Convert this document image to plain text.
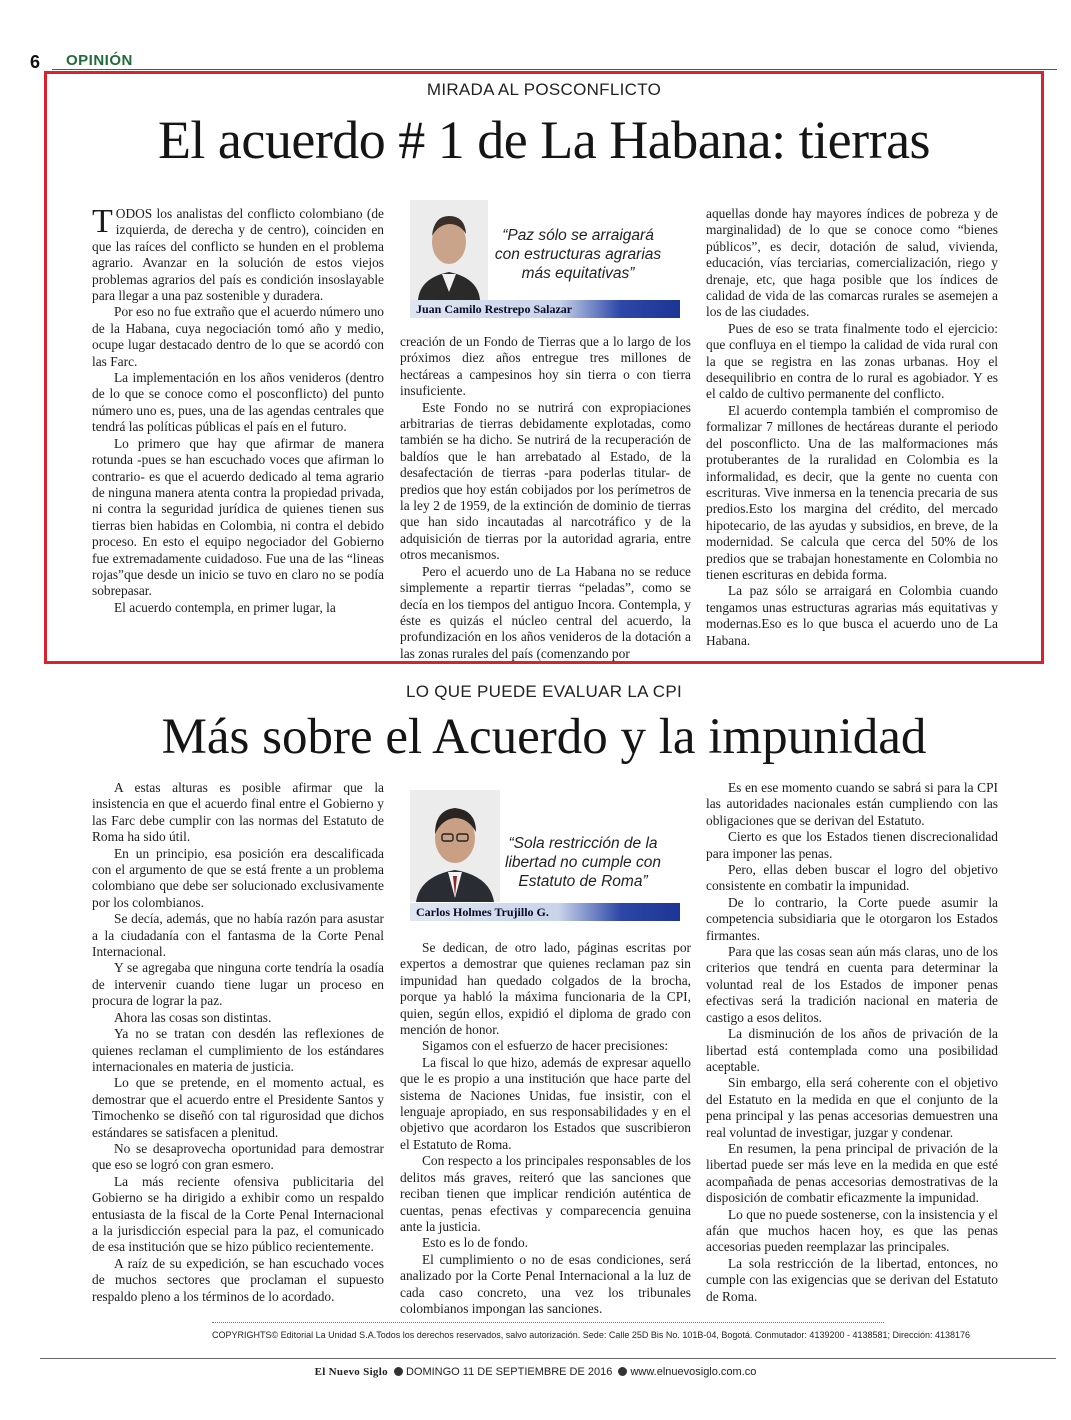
6 OPINIÓN
MIRADA AL POSCONFLICTO
El acuerdo # 1 de La Habana: tierras

TODOS los analistas del conflicto colombiano (de izquierda, de derecha y de centro), coinciden en que las raíces del conflicto se hunden en el problema agrario. Avanzar en la solución de estos viejos problemas agrarios del país es condición insoslayable para llegar a una paz sostenible y duradera.

Por eso no fue extraño que el acuerdo número uno de la Habana, cuya negociación tomó año y medio, ocupe lugar destacado dentro de lo que se acordó con las Farc.

La implementación en los años venideros (dentro de lo que se conoce como el posconflicto) del punto número uno es, pues, una de las agendas centrales que tendrá las políticas públicas el país en el futuro.

Lo primero que hay que afirmar de manera rotunda -pues se han escuchado voces que afirman lo contrario- es que el acuerdo dedicado al tema agrario de ninguna manera atenta contra la propiedad privada, ni contra la seguridad jurídica de quienes tienen sus tierras bien habidas en Colombia, ni contra el debido proceso. En esto el equipo negociador del Gobierno fue extremadamente cuidadoso. Fue una de las “lineas rojas”que desde un inicio se tuvo en claro no se podía sobrepasar.

El acuerdo contempla, en primer lugar, la

“Paz sólo se arraigará con estructuras agrarias más equitativas”
Juan Camilo Restrepo Salazar

creación de un Fondo de Tierras que a lo largo de los próximos diez años entregue tres millones de hectáreas a campesinos hoy sin tierra o con tierra insuficiente.

Este Fondo no se nutrirá con expropiaciones arbitrarias de tierras debidamente explotadas, como también se ha dicho. Se nutrirá de la recuperación de baldíos que le han arrebatado al Estado, de la desafectación de tierras -para poderlas titular- de predios que hoy están cobijados por los perímetros de la ley 2 de 1959, de la extinción de dominio de tierras que han sido incautadas al narcotráfico y de la adquisición de tierras por la autoridad agraria, entre otros mecanismos.

Pero el acuerdo uno de La Habana no se reduce simplemente a repartir tierras “peladas”, como se decía en los tiempos del antiguo Incora. Contempla, y éste es quizás el núcleo central del acuerdo, la profundización en los años venideros de la dotación a las zonas rurales del país (comenzando por

aquellas donde hay mayores índices de pobreza y de marginalidad) de lo que se conoce como “bienes públicos”, es decir, dotación de salud, vivienda, educación, vías terciarias, comercialización, riego y drenaje, etc, que haga posible que los índices de calidad de vida de las comarcas rurales se asemejen a los de las ciudades.

Pues de eso se trata finalmente todo el ejercicio: que confluya en el tiempo la calidad de vida rural con la que se registra en las zonas urbanas. Hoy el desequilibrio en contra de lo rural es agobiador. Y es el caldo de cultivo permanente del conflicto.

El acuerdo contempla también el compromiso de formalizar 7 millones de hectáreas durante el periodo del posconflicto. Una de las malformaciones más protuberantes de la ruralidad en Colombia es la informalidad, es decir, que la gente no cuenta con escrituras. Vive inmersa en la tenencia precaria de sus predios.Esto los margina del crédito, del mercado hipotecario, de las ayudas y subsidios, en breve, de la modernidad. Se calcula que cerca del 50% de los predios que se trabajan honestamente en Colombia no tienen escrituras en debida forma.

La paz sólo se arraigará en Colombia cuando tengamos unas estructuras agrarias más equitativas y modernas.Eso es lo que busca el acuerdo uno de La Habana.

LO QUE PUEDE EVALUAR LA CPI
Más sobre el Acuerdo y la impunidad

A estas alturas es posible afirmar que la insistencia en que el acuerdo final entre el Gobierno y las Farc debe cumplir con las normas del Estatuto de Roma ha sido útil.

En un principio, esa posición era descalificada con el argumento de que se está frente a un problema colombiano que debe ser solucionado exclusivamente por los colombianos.

Se decía, además, que no había razón para asustar a la ciudadanía con el fantasma de la Corte Penal Internacional.

Y se agregaba que ninguna corte tendría la osadía de intervenir cuando tiene lugar un proceso en procura de lograr la paz.

Ahora las cosas son distintas.

Ya no se tratan con desdén las reflexiones de quienes reclaman el cumplimiento de los estándares internacionales en materia de justicia.

Lo que se pretende, en el momento actual, es demostrar que el acuerdo entre el Presidente Santos y Timochenko se diseñó con tal rigurosidad que dichos estándares se satisfacen a plenitud.

No se desaprovecha oportunidad para demostrar que eso se logró con gran esmero.

La más reciente ofensiva publicitaria del Gobierno se ha dirigido a exhibir como un respaldo entusiasta de la fiscal de la Corte Penal Internacional a la jurisdicción especial para la paz, el comunicado de esa institución que se hizo público recientemente.

A raíz de su expedición, se han escuchado voces de muchos sectores que proclaman el supuesto respaldo pleno a los términos de lo acordado.

“Sola restricción de la libertad no cumple con Estatuto de Roma”
Carlos Holmes Trujillo G.

Se dedican, de otro lado, páginas escritas por expertos a demostrar que quienes reclaman paz sin impunidad han quedado colgados de la brocha, porque ya habló la máxima funcionaria de la CPI, quien, según ellos, expidió el diploma de grado con mención de honor.

Sigamos con el esfuerzo de hacer precisiones:

La fiscal lo que hizo, además de expresar aquello que le es propio a una institución que hace parte del sistema de Naciones Unidas, fue insistir, con el lenguaje apropiado, en sus responsabilidades y en el objetivo que acordaron los Estados que suscribieron el Estatuto de Roma.

Con respecto a los principales responsables de los delitos más graves, reiteró que las sanciones que reciban tienen que implicar rendición auténtica de cuentas, penas efectivas y comparecencia genuina ante la justicia.

Esto es lo de fondo.

El cumplimiento o no de esas condiciones, será analizado por la Corte Penal Internacional a la luz de cada caso concreto, una vez los tribunales colombianos impongan las sanciones.

Es en ese momento cuando se sabrá si para la CPI las autoridades nacionales están cumpliendo con las obligaciones que se derivan del Estatuto.

Cierto es que los Estados tienen discrecionalidad para imponer las penas.

Pero, ellas deben buscar el logro del objetivo consistente en combatir la impunidad.

De lo contrario, la Corte puede asumir la competencia subsidiaria que le otorgaron los Estados firmantes.

Para que las cosas sean aún más claras, uno de los criterios que tendrá en cuenta para determinar la voluntad real de los Estados de imponer penas efectivas será la tradición nacional en materia de castigo a esos delitos.

La disminución de los años de privación de la libertad está contemplada como una posibilidad aceptable.

Sin embargo, ella será coherente con el objetivo del Estatuto en la medida en que el conjunto de la pena principal y las penas accesorias demuestren una real voluntad de investigar, juzgar y condenar.

En resumen, la pena principal de privación de la libertad puede ser más leve en la medida en que esté acompañada de penas accesorias demostrativas de la disposición de combatir eficazmente la impunidad.

Lo que no puede sostenerse, con la insistencia y el afán que muchos hacen hoy, es que las penas accesorias pueden reemplazar las principales.

La sola restricción de la libertad, entonces, no cumple con las exigencias que se derivan del Estatuto de Roma.

COPYRIGHTS© Editorial La Unidad S.A.Todos los derechos reservados, salvo autorización. Sede: Calle 25D Bis No. 101B-04, Bogotá. Conmutador: 4139200 - 4138581; Dirección: 4138176
El Nuevo Siglo DOMINGO 11 DE SEPTIEMBRE DE 2016 www.elnuevosiglo.com.co
